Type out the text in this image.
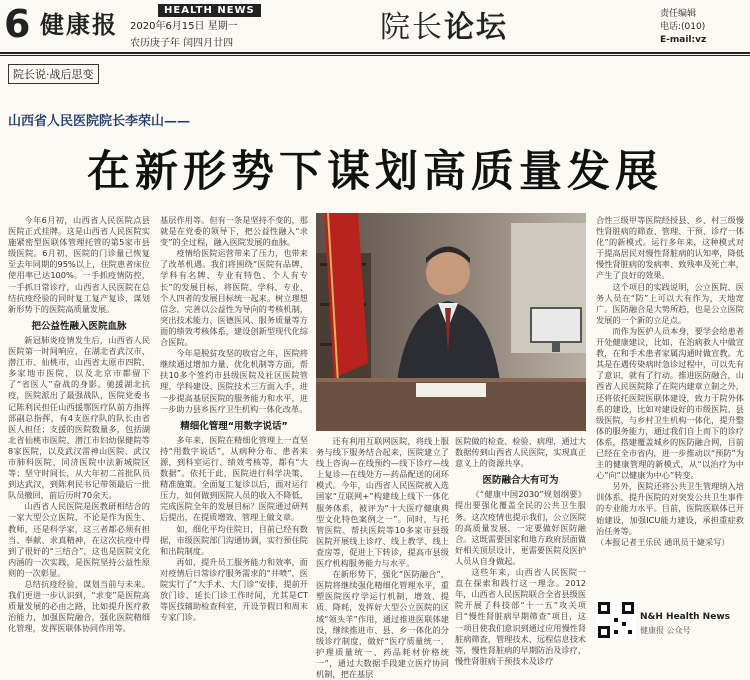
6 健康报	HEALTH NEWS
2020年6月15日 星期一
农历庚子年 闰四月廿四	院长论坛	责任编辑
电话:(010)
E-mail:vz
院长说·战后思变
山西省人民医院院长李荣山——
在新形势下谋划高质量发展

今年6月初，山西省人民医院点县医院正式挂牌。这是山西省人民医院实施紧密型医联体管理托管的第5家市县级医院。6月初，医院的门诊量已恢复至去年同期的95%以上，住院患者床位使用率已达100%。一手抓疫情防控，一手抓日常诊疗，山西省人民医院在总结抗疫经验的同时复工复产复诊，谋划新形势下的医院高质量发展。

把公益性融入医院血脉

新冠肺炎疫情发生后，山西省人民医院第一时间响应，在湖北省武汉市、潜江市、仙桃市，山西省太原市四院、多家地市医院，以及北京市都留下了“省医人”奋战的身影。驰援湖北抗疫，医院派出了最强战队，医院党委书记陈利民担任山西援鄂医疗队前方指挥部副总指挥，有4支医疗队的队长由省医人担任；支援的医院数量多，包括湖北省仙桃市医院、潜江市妇幼保健院等8家医院，以及武汉雷神山医院、武汉市肺科医院、同济医院中法新城院区等；坚守时间长，从大年初二首批队员到达武汉，到陈利民书记带领最后一批队员撤回，前后历时70余天。

山西省人民医院是医教研相结合的一家大型公立医院，不论是作为医生、教师，还是科学家，这三者都必须有担当、奉献、求真精神，在这次抗疫中得到了很好的“三结合”，这也是医院文化内涵的一次实践，是医院坚持公益性原则的一次彰显。

总结抗疫经验，谋划当前与未来。我们更进一步认识到，“求变”是医院高质量发展的必由之路，比如提升医疗救治能力，加强医院融合，强化医院精细化管理，发挥医联体协同作用等。

基层作用等。但有一条是坚持不变的，那就是在党委的领导下，把公益性融入“求变”的全过程，融入医院发展的血脉。

疫情给医院运营带来了压力，也带来了改革机遇。我们将围绕“医院有品牌、学科有名牌、专业有特色、个人有专长”的发展目标，将医院、学科、专业、个人四者的发展目标统一起来。树立理想信念，完善以公益性为导向的考核机制，突出技术能力、医德医风、服务质量等方面的绩效考核体系，建设创新型现代化综合医院。

今年是脱贫攻坚的收官之年，医院将继续通过增加力量、优化机制等方面，帮扶10多个签约市县级医院及社区医院管理、学科建设、医院技术三方面入手，进一步提高基层医院的服务能力和水平，进一步助力县乡医疗卫生机构一体化改革。

精细化管理“用数字说话”

多年来，医院在精细化管理上一直坚持“用数字说话”，从病种分布、患者来源，到科室运行、绩效考核等，都有“大数据”。依托于此，医院进行科学决策、精准施策。全面复工复诊以后，面对运行压力，如何做到医院人员的收入不降低，完成医院全年的发展目标？医院通过研判后提出，在提质增效、管理上做文章。

如，细化平均住院日，目前已经有数据，市级医院部门沟通协调，实行预住院和出院制度。

再如，提升员工服务能力和效率，面对疫情后日常诊疗服务需求的“井喷”，医院实行了“大手术、大门诊”安排，提前开放门诊、延长门诊工作时间，尤其是CT等医技辅助检查科室，开设节假日和周末专家门诊。

还有利用互联网医院，将线上服务与线下服务结合起来，医院建立了线上咨询—在线预约—线下诊疗—线上复诊—在线处方—药品配送的闭环模式。今年，山西省人民医院被入选国家“互联网+”构建线上线下一体化服务体系，被评为“十大医疗健康典型文化特色案例之一”。同时，与托管医院、帮扶医院等10多家市县级医院开展线上诊疗、线上教学、线上查房等，促进上下转诊，提高市县级医疗机构服务能力与水平。

在新形势下，强化“医防融合”，医院将继续强化精细化管理水平，重塑医院医疗学运行机制，增效、提质、降耗，发挥好大型公立医院的区域“领头羊”作用，通过推进医联体建设，继续推进市、县、乡一体化的分级诊疗制度，做好“医疗质量统一、护理质量统一、药品耗材价格统一”，通过大数据手段建立医疗协同机制，把在基层

医院做的检查、检验、病理，通过大数据传到山西省人民医院，实现真正意义上的资源共享。

医防融合大有可为

《“健康中国2030”规划纲要》提出要强化覆盖全民的公共卫生服务。这次疫情也提示我们，公立医院的高质量发展，一定要做好医防融合。这既需要国家和地方政府层面做好相关顶层设计，更需要医院及医护人员从自身做起。

这些年来，山西省人民医院一直在探索和践行这一理念。2012年，山西省人民医院联合全省县级医院开展了科技部“十一五”攻关项目“慢性肾脏病早期筛查”项目，这一项目使我们意识到通过应用慢性肾脏病筛查，管理技术、远程信息技术等，慢性肾脏病的早期防治及诊疗，慢性肾脏病干预技术及诊疗

合性三级甲等医院经授县、乡、村三级慢性肾脏病的筛查、管理、干预、诊疗一体化”的新模式。运行多年来，这种模式对于提高居民对慢性肾脏病的认知率，降低慢性肾脏病的发病率、致残率及死亡率，产生了良好的效果。

这个项目的实践说明，公立医院、医务人员在“防”上可以大有作为，天地宽广。医防融合是大势所趋，也是公立医院发展的一个新的立足点。

而作为医护人员本身，要学会给患者开处健康建议，比如，在治病救人中做宣教，在和手术患者家属沟通时做宣教。尤其是在遇传染病时急诊过程中，可以先有了意识，就有了行动。推进医防融合，山西省人民医院除了在院内建章立制之外，还将依托医院医联体建设，致力于院外体系的建设，比如对建设好的市级医院、县级医院，与乡村卫生机构一体化，提升整体的服务能力，通过我们自上而下的诊疗体系，搭建覆盖城乡的医防融合网，目前已经在全市省内，进一步推动以“预防”为主的健康管理的新模式，从“以治疗为中心”向“以健康为中心”转变。

另外，医院还将公共卫生管理纳入培训体系，提升医院的对突发公共卫生事件的专业能力水平。目前，医院医联体已开始建设，加强ICU能力建设，承担重症救治任务等。

（本报记者王乐民 通讯员于婕采写）

N&H Health News
健康报 公众号
